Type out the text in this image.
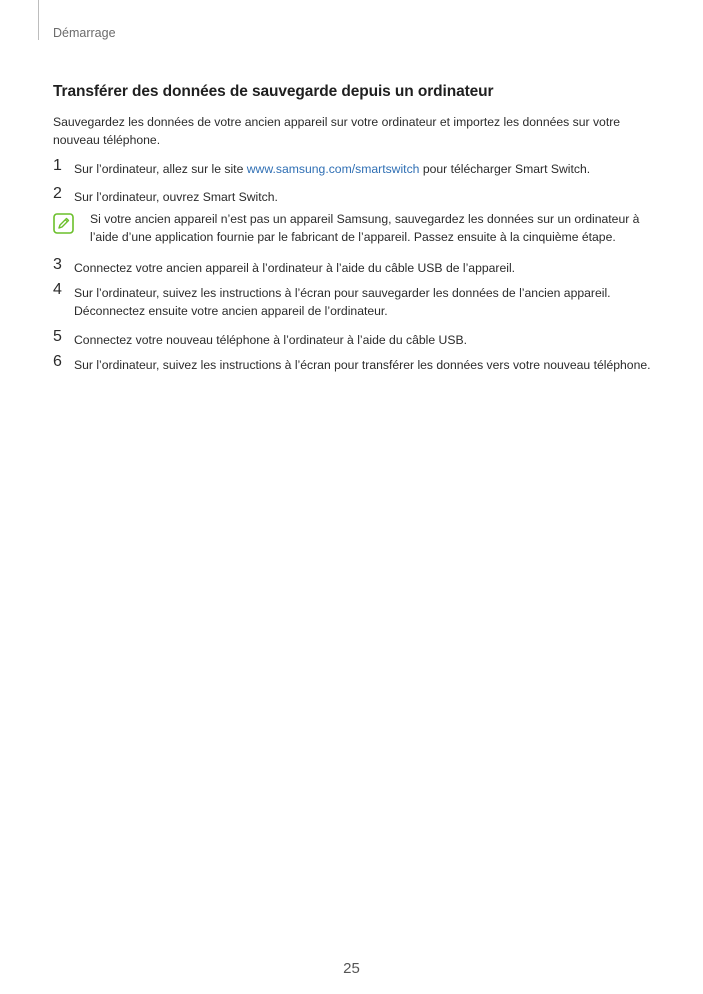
Démarrage
Transférer des données de sauvegarde depuis un ordinateur

Sauvegardez les données de votre ancien appareil sur votre ordinateur et importez les données sur votre nouveau téléphone.

1 Sur l’ordinateur, allez sur le site www.samsung.com/smartswitch pour télécharger Smart Switch.
2 Sur l’ordinateur, ouvrez Smart Switch.
Si votre ancien appareil n’est pas un appareil Samsung, sauvegardez les données sur un ordinateur à l’aide d’une application fournie par le fabricant de l’appareil. Passez ensuite à la cinquième étape.
3 Connectez votre ancien appareil à l’ordinateur à l’aide du câble USB de l’appareil.
4 Sur l’ordinateur, suivez les instructions à l’écran pour sauvegarder les données de l’ancien appareil. Déconnectez ensuite votre ancien appareil de l’ordinateur.
5 Connectez votre nouveau téléphone à l’ordinateur à l’aide du câble USB.
6 Sur l’ordinateur, suivez les instructions à l’écran pour transférer les données vers votre nouveau téléphone.
25
